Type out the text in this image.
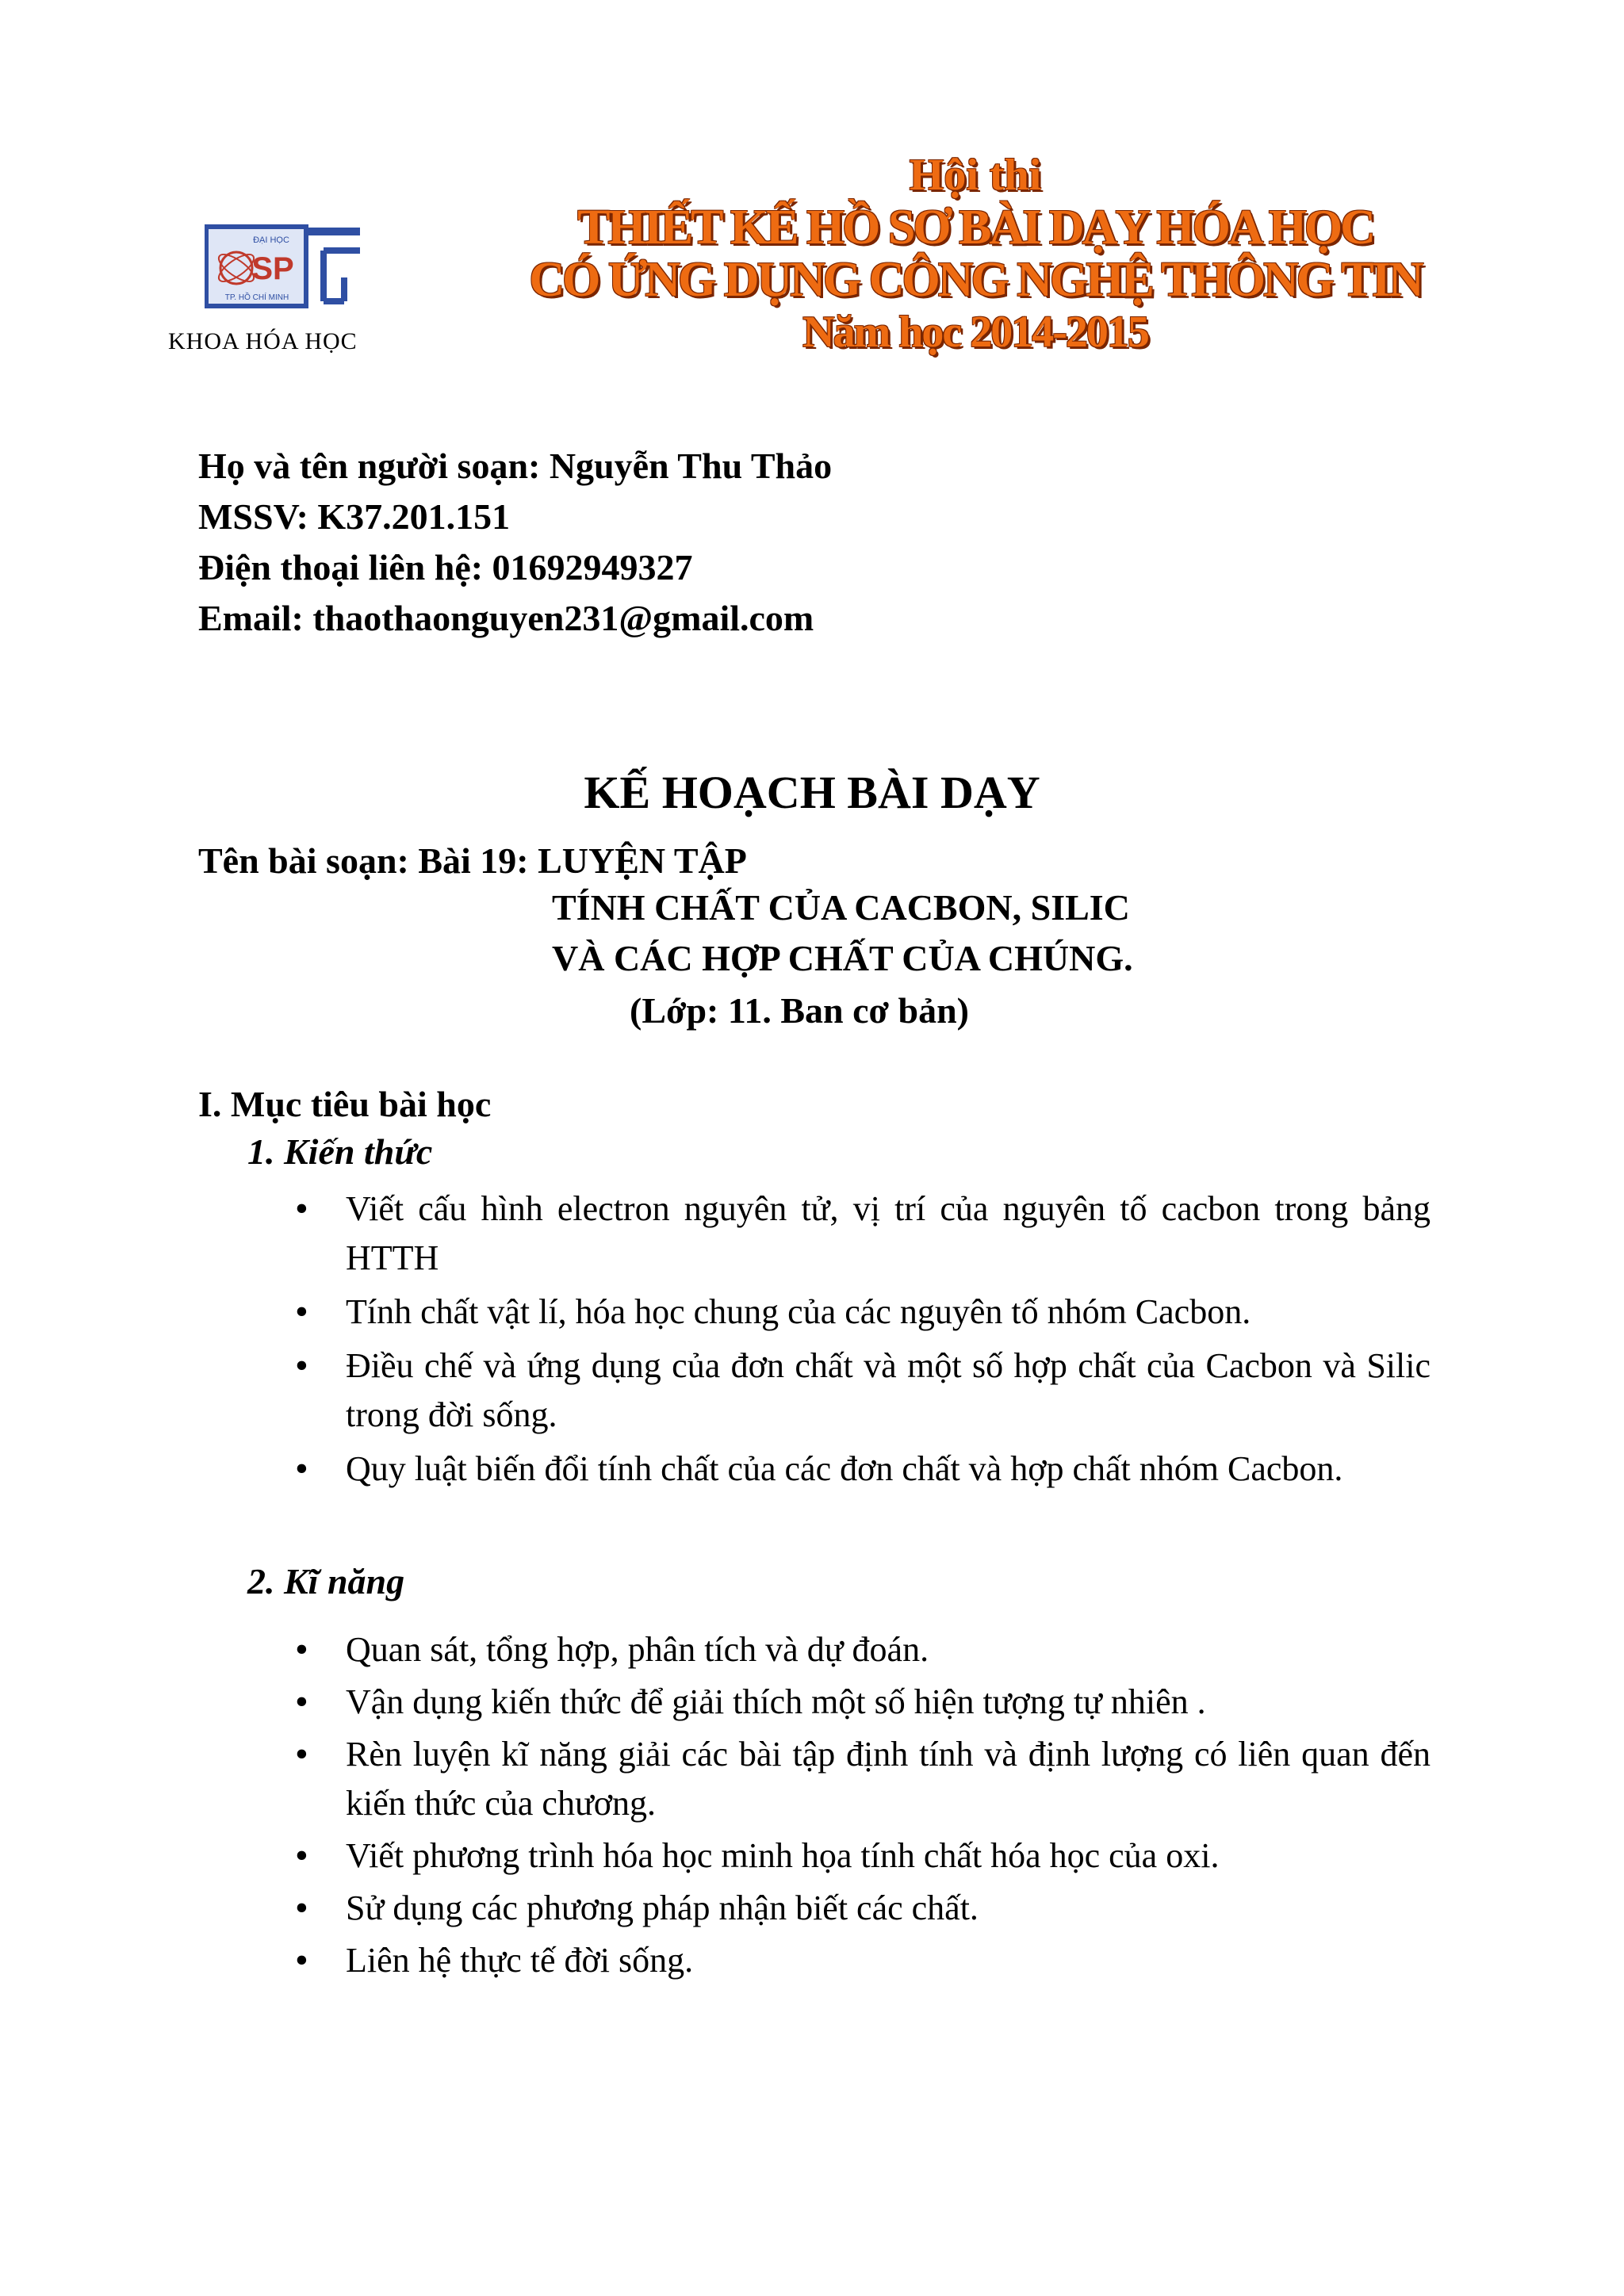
ĐẠI HỌC
SP
TP. HỒ CHÍ MINH
KHOA HÓA HỌC
Hội thi
THIẾT KẾ HỒ SƠ BÀI DẠY HÓA HỌC
CÓ ỨNG DỤNG CÔNG NGHỆ THÔNG TIN
Năm học 2014-2015
Họ và tên người soạn: Nguyễn Thu Thảo
MSSV: K37.201.151
Điện thoại liên hệ: 01692949327
Email: thaothaonguyen231@gmail.com
KẾ HOẠCH BÀI DẠY
Tên bài soạn: Bài 19: LUYỆN TẬP
TÍNH CHẤT CỦA CACBON, SILIC
VÀ CÁC HỢP CHẤT CỦA CHÚNG.
(Lớp: 11. Ban cơ bản)
I. Mục tiêu bài học
1. Kiến thức
• Viết cấu hình electron nguyên tử, vị trí của nguyên tố cacbon trong bảng HTTH
• Tính chất vật lí, hóa học chung của các nguyên tố nhóm Cacbon.
• Điều chế và ứng dụng của đơn chất và một số hợp chất của Cacbon và Silic trong đời sống.
• Quy luật biến đổi tính chất của các đơn chất và hợp chất nhóm Cacbon.
2. Kĩ năng
• Quan sát, tổng hợp, phân tích và dự đoán.
• Vận dụng kiến thức để giải thích một số hiện tượng tự nhiên .
• Rèn luyện kĩ năng giải các bài tập định tính và định lượng có liên quan đến kiến thức của chương.
• Viết phương trình hóa học minh họa tính chất hóa học của oxi.
• Sử dụng các phương pháp nhận biết các chất.
• Liên hệ thực tế đời sống.
